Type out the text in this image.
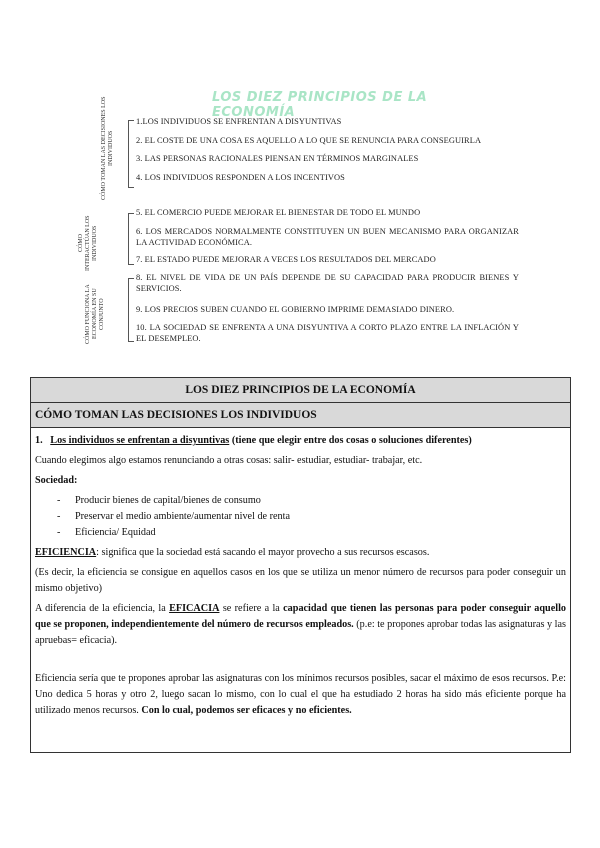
LOS DIEZ PRINCIPIOS DE LA ECONOMÍA
CÓMO TOMAN LAS DECISIONES LOS INDIVIDUOS
1.LOS INDIVIDUOS SE ENFRENTAN A DISYUNTIVAS
2. EL COSTE DE UNA COSA ES AQUELLO A LO QUE SE RENUNCIA PARA CONSEGUIRLA
3. LAS PERSONAS RACIONALES PIENSAN EN TÉRMINOS MARGINALES
4. LOS INDIVIDUOS RESPONDEN A LOS INCENTIVOS
CÓMO INTERACTÚAN LOS INDIVIDUOS
5. EL COMERCIO PUEDE MEJORAR EL BIENESTAR DE TODO EL MUNDO
6. LOS MERCADOS NORMALMENTE CONSTITUYEN UN BUEN MECANISMO PARA ORGANIZAR LA ACTIVIDAD ECONÓMICA.
7. EL ESTADO PUEDE MEJORAR A VECES LOS RESULTADOS DEL MERCADO
CÓMO FUNCIONA LA ECONOMÍA EN SU CONJUNTO
8. EL NIVEL DE VIDA DE UN PAÍS DEPENDE DE SU CAPACIDAD PARA PRODUCIR BIENES Y SERVICIOS.
9. LOS PRECIOS SUBEN CUANDO EL GOBIERNO IMPRIME DEMASIADO DINERO.
10. LA SOCIEDAD SE ENFRENTA A UNA DISYUNTIVA A CORTO PLAZO ENTRE LA INFLACIÓN Y EL DESEMPLEO.
LOS DIEZ PRINCIPIOS DE LA ECONOMÍA
CÓMO TOMAN LAS DECISIONES LOS INDIVIDUOS

1. Los individuos se enfrentan a disyuntivas (tiene que elegir entre dos cosas o soluciones diferentes)

Cuando elegimos algo estamos renunciando a otras cosas: salir- estudiar, estudiar- trabajar, etc.

Sociedad:

- Producir bienes de capital/bienes de consumo
- Preservar el medio ambiente/aumentar nivel de renta
- Eficiencia/ Equidad

EFICIENCIA: significa que la sociedad está sacando el mayor provecho a sus recursos escasos.

(Es decir, la eficiencia se consigue en aquellos casos en los que se utiliza un menor número de recursos para poder conseguir un mismo objetivo)

A diferencia de la eficiencia, la EFICACIA se refiere a la capacidad que tienen las personas para poder conseguir aquello que se proponen, independientemente del número de recursos empleados. (p.e: te propones aprobar todas las asignaturas y las apruebas= eficacia).

Eficiencia sería que te propones aprobar las asignaturas con los mínimos recursos posibles, sacar el máximo de esos recursos. P.e: Uno dedica 5 horas y otro 2, luego sacan lo mismo, con lo cual el que ha estudiado 2 horas ha sido más eficiente porque ha utilizado menos recursos. Con lo cual, podemos ser eficaces y no eficientes.
